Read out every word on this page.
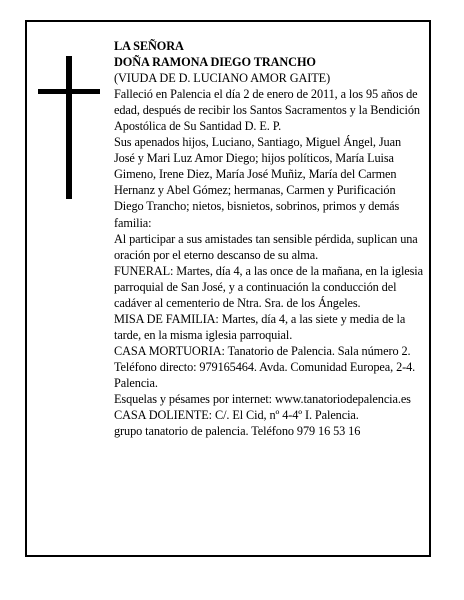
LA SEÑORA

DOÑA RAMONA DIEGO TRANCHO

(VIUDA DE D. LUCIANO AMOR GAITE)

Falleció en Palencia el día 2 de enero de 2011, a los 95 años de edad, después de recibir los Santos Sacramentos y la Bendición Apostólica de Su Santidad D. E. P.

Sus apenados hijos, Luciano, Santiago, Miguel Ángel, Juan José y Mari Luz Amor Diego; hijos políticos, María Luisa Gimeno, Irene Diez, María José Muñiz, María del Carmen Hernanz y Abel Gómez; hermanas, Carmen y Purificación Diego Trancho; nietos, bisnietos, sobrinos, primos y demás familia:

Al participar a sus amistades tan sensible pérdida, suplican una oración por el eterno descanso de su alma.

FUNERAL: Martes, día 4, a las once de la mañana, en la iglesia parroquial de San José, y a continuación la conducción del cadáver al cementerio de Ntra. Sra. de los Ángeles.

MISA DE FAMILIA: Martes, día 4, a las siete y media de la tarde, en la misma iglesia parroquial.

CASA MORTUORIA: Tanatorio de Palencia. Sala número 2. Teléfono directo: 979165464. Avda. Comunidad Europea, 2-4. Palencia.

Esquelas y pésames por internet: www.tanatoriodepalencia.es

CASA DOLIENTE: C/. El Cid, nº 4-4º I. Palencia.

grupo tanatorio de palencia. Teléfono 979 16 53 16
